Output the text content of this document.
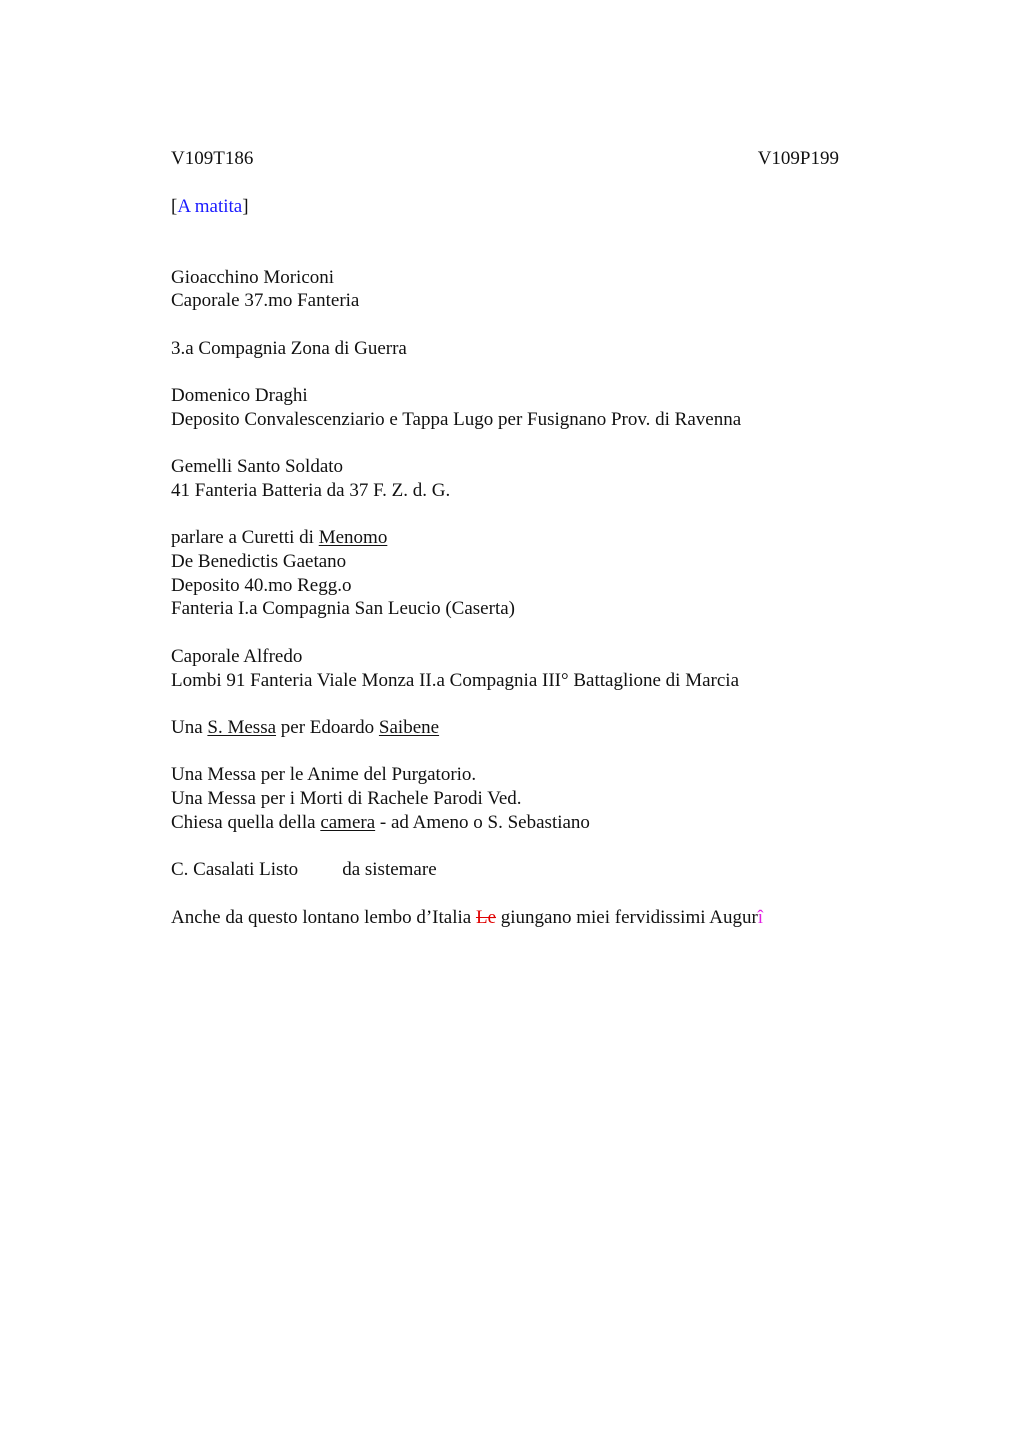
V109T186	V109P199
[A matita]
Gioacchino Moriconi
Caporale 37.mo Fanteria
3.a Compagnia Zona di Guerra
Domenico Draghi
Deposito Convalescenziario e Tappa Lugo per Fusignano Prov. di Ravenna
Gemelli Santo Soldato
41 Fanteria Batteria da 37 F. Z. d. G.
parlare a Curetti di Menomo
De Benedictis Gaetano
Deposito 40.mo Regg.o
Fanteria I.a Compagnia San Leucio (Caserta)
Caporale Alfredo
Lombi 91 Fanteria Viale Monza II.a Compagnia III° Battaglione di Marcia
Una S. Messa per Edoardo Saibene
Una Messa per le Anime del Purgatorio.
Una Messa per i Morti di Rachele Parodi Ved.
Chiesa quella della camera - ad Ameno o S. Sebastiano
C. Casalati Listo da sistemare
Anche da questo lontano lembo d’Italia Le giungano miei fervidissimi Augurî
